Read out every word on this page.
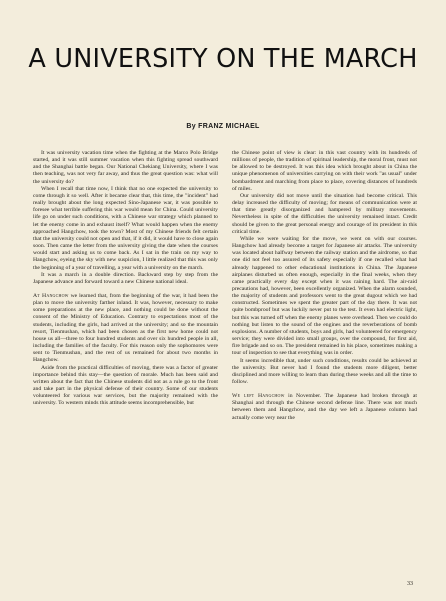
A UNIVERSITY ON THE MARCH
By FRANZ MICHAEL

It was university vacation time when the fighting at the Marco Polo Bridge started, and it was still summer vacation when this fighting spread southward and the Shanghai battle began. Our National Chekiang University, where I was then teaching, was not very far away, and thus the great question was: what will the university do?

When I recall that time now, I think that no one expected the university to come through it so well. After it became clear that, this time, the "incident" had really brought about the long expected Sino-Japanese war, it was possible to foresee what terrible suffering this war would mean for China. Could university life go on under such conditions, with a Chinese war strategy which planned to let the enemy come in and exhaust itself? What would happen when the enemy approached Hangchow, took the town? Most of my Chinese friends felt certain that the university could not open and that, if it did, it would have to close again soon. Then came the letter from the university giving the date when the courses would start and asking us to come back. As I sat in the train on my way to Hangchow, eyeing the sky with new suspicion, I little realized that this was only the beginning of a year of travelling, a year with a university on the march.

It was a march in a double direction. Backward step by step from the Japanese advance and forward toward a new Chinese national ideal.

At Hangchow we learned that, from the beginning of the war, it had been the plan to move the university farther inland. It was, however, necessary to make some preparations at the new place, and nothing could be done without the consent of the Ministry of Education. Contrary to expectations most of the students, including the girls, had arrived at the university; and so the mountain resort, Tienmushan, which had been chosen as the first new home could not house us all—three to four hundred students and over six hundred people in all, including the families of the faculty. For this reason only the sophomores were sent to Tienmushan, and the rest of us remained for about two months in Hangchow.

Aside from the practical difficulties of moving, there was a factor of greater importance behind this stay—the question of morale. Much has been said and written about the fact that the Chinese students did not as a rule go to the front and take part in the physical defense of their country. Some of our students volunteered for various war services, but the majority remained with the university. To western minds this attitude seems incomprehensible, but

the Chinese point of view is clear: in this vast country with its hundreds of millions of people, the tradition of spiritual leadership, the moral front, must not be allowed to be destroyed. It was this idea which brought about in China the unique phenomenon of universities carrying on with their work "as usual" under bombardment and marching from place to place, covering distances of hundreds of miles.

Our university did not move until the situation had become critical. This delay increased the difficulty of moving; for means of communication were at that time greatly disorganized and hampered by military movements. Nevertheless in spite of the difficulties the university remained intact. Credit should be given to the great personal energy and courage of its president in this critical time.

While we were waiting for the move, we went on with our courses. Hangchow had already become a target for Japanese air attacks. The university was located about halfway between the railway station and the airdrome, so that one did not feel too assured of its safety especially if one recalled what had already happened to other educational institutions in China. The Japanese airplanes disturbed us often enough, especially in the final weeks, when they came practically every day except when it was raining hard. The air-raid precautions had, however, been excellently organized. When the alarm sounded, the majority of students and professors went to the great dugout which we had constructed. Sometimes we spent the greater part of the day there. It was not quite bombproof but was luckily never put to the test. It even had electric light, but this was turned off when the enemy planes were overhead. Then we could do nothing but listen to the sound of the engines and the reverberations of bomb explosions. A number of students, boys and girls, had volunteered for emergency service; they were divided into small groups, over the compound, for first aid, fire brigade and so on. The president remained in his place, sometimes making a tour of inspection to see that everything was in order.

It seems incredible that, under such conditions, results could be achieved at the university. But never had I found the students more diligent, better disciplined and more willing to learn than during these weeks and all the time to follow.

We left Hangchow in November. The Japanese had broken through at Shanghai and through the Chinese second defense line. There was not much between them and Hangchow, and the day we left a Japanese column had actually come very near the

33
